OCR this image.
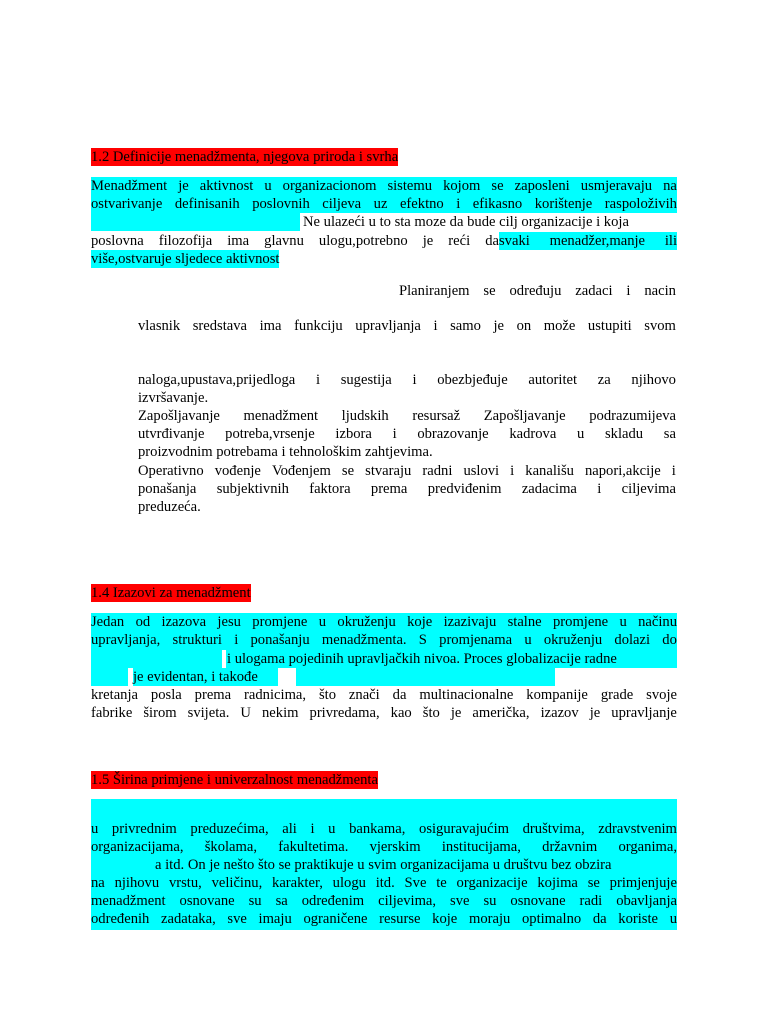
1.2 Definicije menadžmenta, njegova priroda i svrha
Menadžment je aktivnost u organizacionom sistemu kojom se zaposleni usmjeravaju na
ostvarivanje definisanih poslovnih ciljeva uz efektno i efikasno korištenje raspoloživih
Ne ulazeći u to sta moze da bude cilj organizacije i koja
poslovna filozofija ima glavnu ulogu,potrebno je reći da svaki menadžer,manje ili
više,ostvaruje sljedece aktivnost
Planiranjem se određuju zadaci i nacin
vlasnik sredstava ima funkciju upravljanja i samo je on može ustupiti svom
naloga,upustava,prijedloga i sugestija i obezbjeđuje autoritet za njihovo
izvršavanje.
Zapošljavanje menadžment ljudskih resursaž Zapošljavanje podrazumijeva
utvrđivanje potreba,vrsenje izbora i obrazovanje kadrova u skladu sa
proizvodnim potrebama i tehnološkim zahtjevima.
Operativno vođenje Vođenjem se stvaraju radni uslovi i kanališu napori,akcije i
ponašanja subjektivnih faktora prema predviđenim zadacima i ciljevima
preduzeća.
1.4 Izazovi za menadžment
Jedan od izazova jesu promjene u okruženju koje izazivaju stalne promjene u načinu
upravljanja, strukturi i ponašanju menadžmenta. S promjenama u okruženju dolazi do
i ulogama pojedinih upravljačkih nivoa. Proces globalizacije radne
je evidentan, i takođe
kretanja posla prema radnicima, što znači da multinacionalne kompanije grade svoje
fabrike širom svijeta. U nekim privredama, kao što je američka, izazov je upravljanje
1.5 Širina primjene i univerzalnost menadžmenta
u privrednim preduzećima, ali i u bankama, osiguravajućim društvima, zdravstvenim
organizacijama, školama, fakultetima. vjerskim institucijama, državnim organima,
a itd. On je nešto što se praktikuje u svim organizacijama u društvu bez obzira
na njihovu vrstu, veličinu, karakter, ulogu itd. Sve te organizacije kojima se primjenjuje
menadžment osnovane su sa određenim ciljevima, sve su osnovane radi obavljanja
određenih zadataka, sve imaju ograničene resurse koje moraju optimalno da koriste u
